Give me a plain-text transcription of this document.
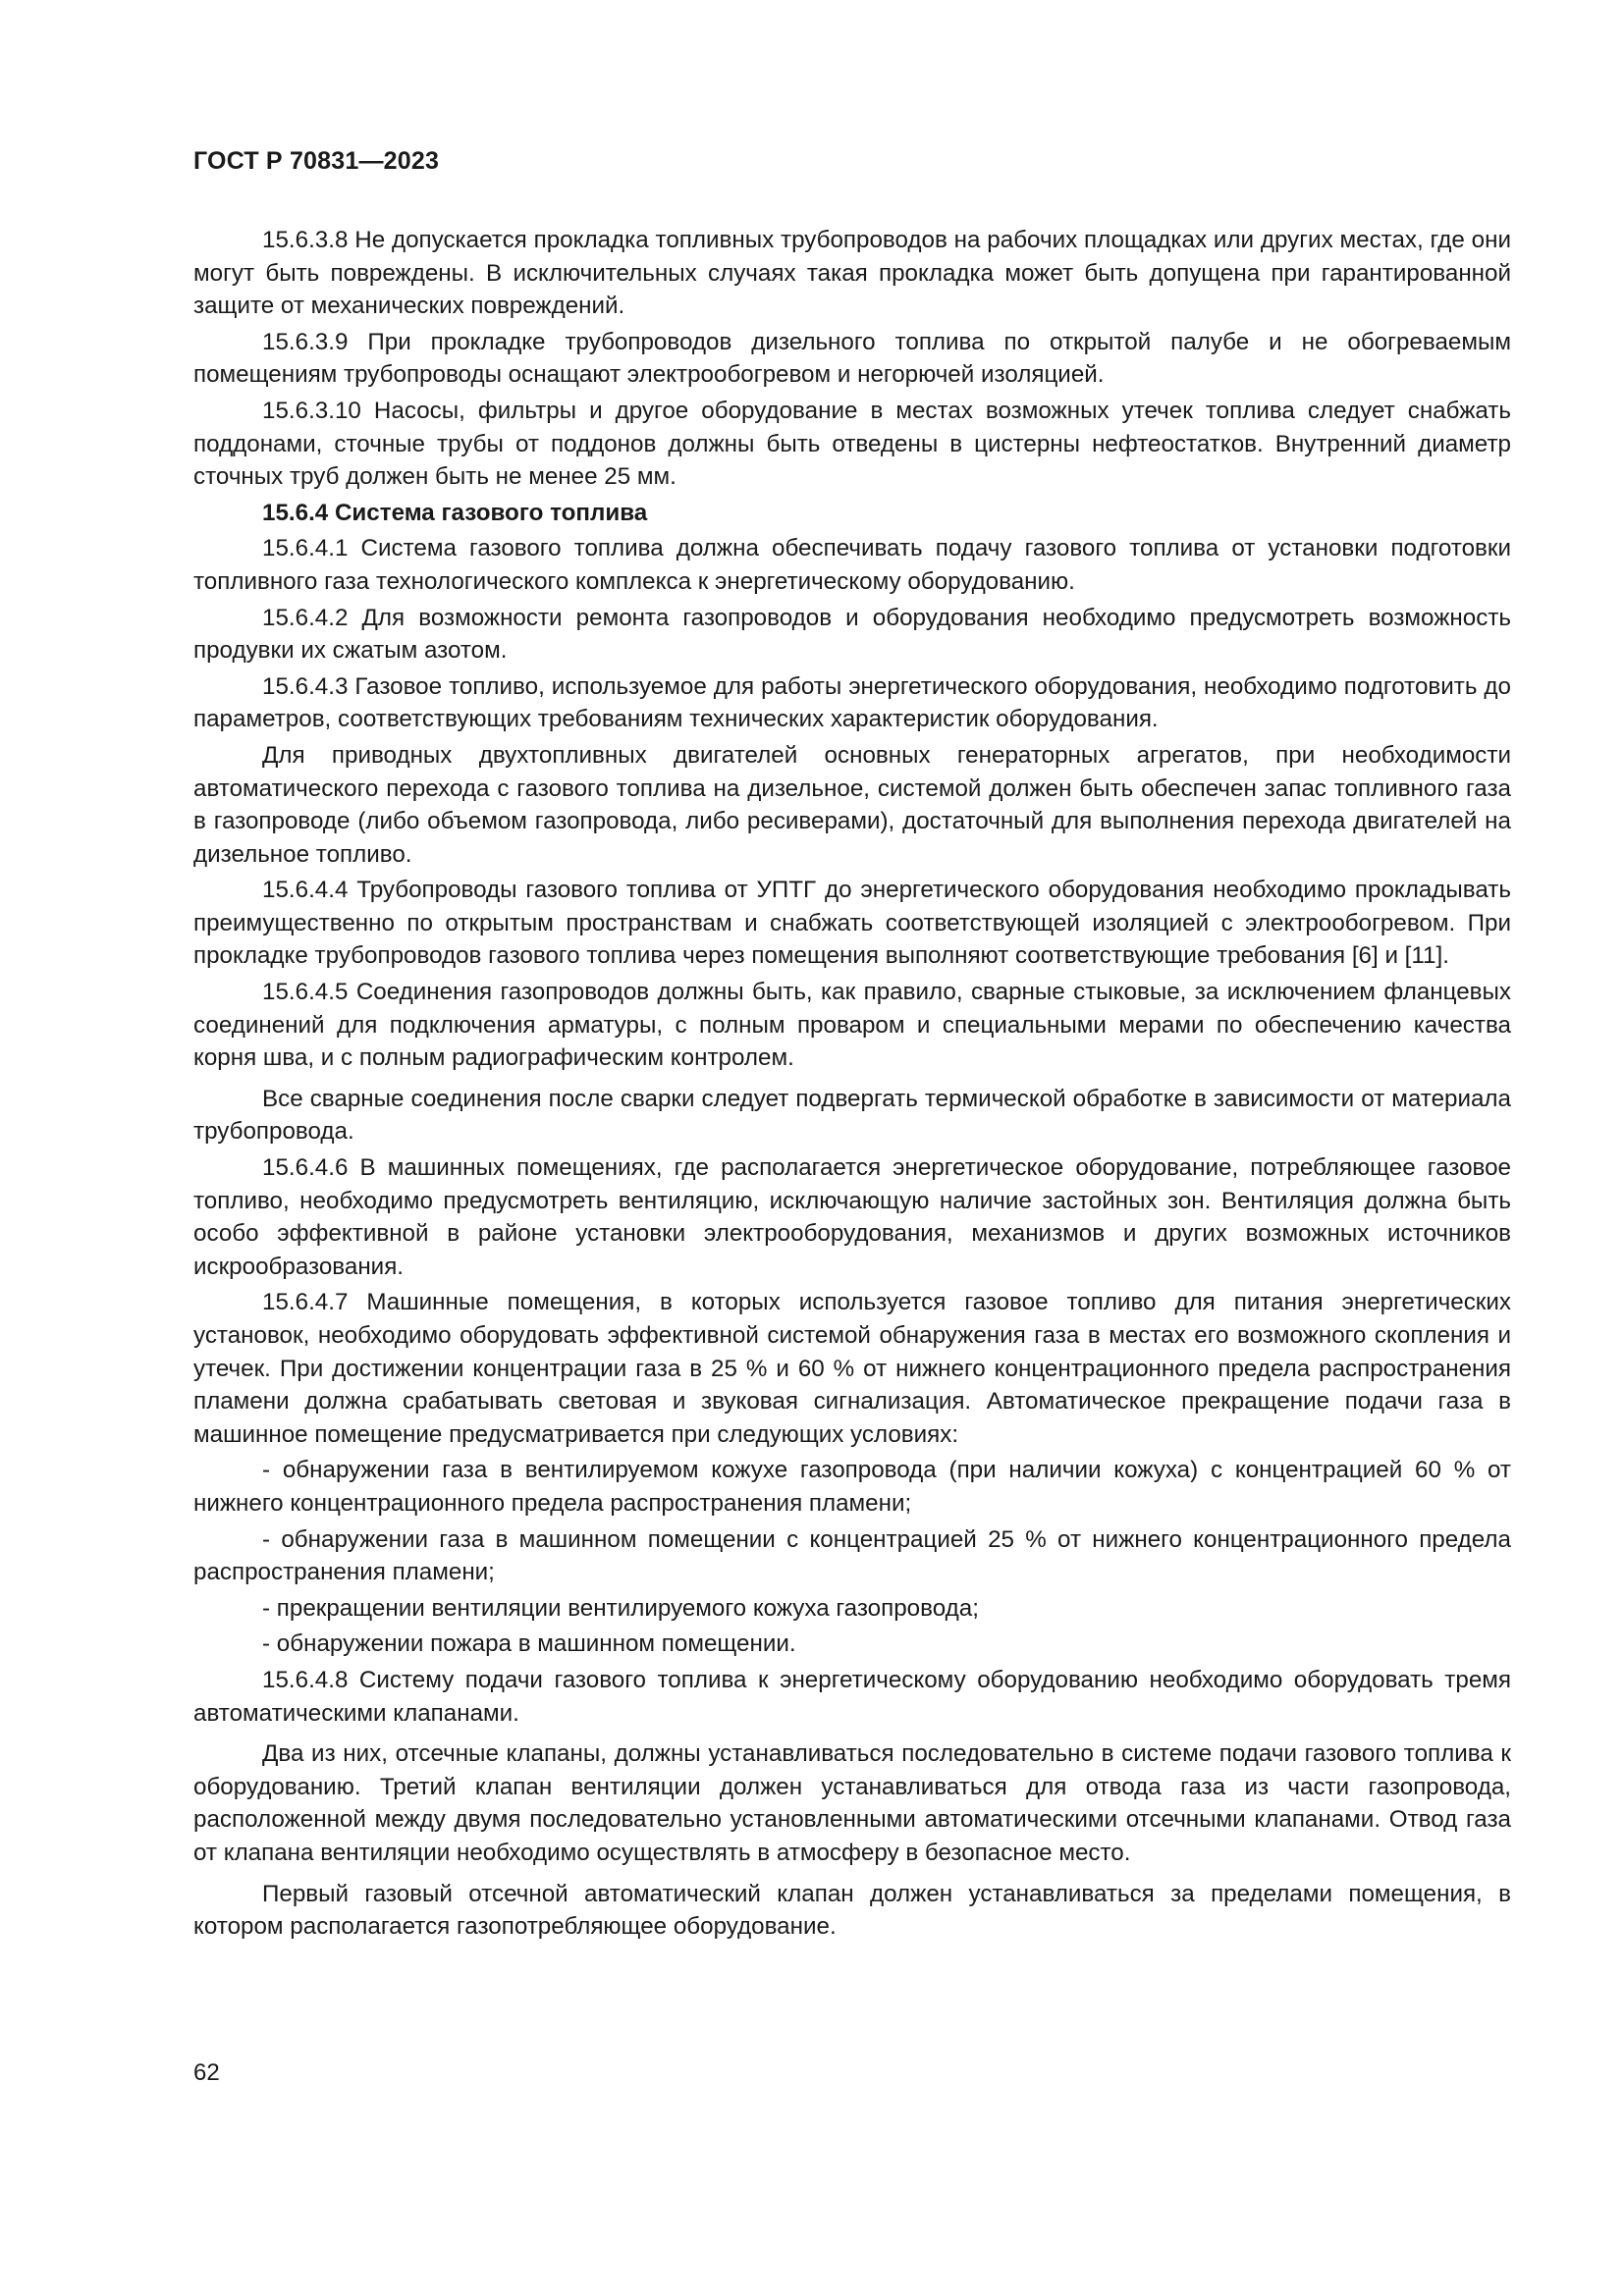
ГОСТ Р 70831—2023

15.6.3.8 Не допускается прокладка топливных трубопроводов на рабочих площадках или других местах, где они могут быть повреждены. В исключительных случаях такая прокладка может быть допущена при гарантированной защите от механических повреждений.

15.6.3.9 При прокладке трубопроводов дизельного топлива по открытой палубе и не обогреваемым помещениям трубопроводы оснащают электрообогревом и негорючей изоляцией.

15.6.3.10 Насосы, фильтры и другое оборудование в местах возможных утечек топлива следует снабжать поддонами, сточные трубы от поддонов должны быть отведены в цистерны нефтеостатков. Внутренний диаметр сточных труб должен быть не менее 25 мм.

15.6.4 Система газового топлива

15.6.4.1 Система газового топлива должна обеспечивать подачу газового топлива от установки подготовки топливного газа технологического комплекса к энергетическому оборудованию.

15.6.4.2 Для возможности ремонта газопроводов и оборудования необходимо предусмотреть возможность продувки их сжатым азотом.

15.6.4.3 Газовое топливо, используемое для работы энергетического оборудования, необходимо подготовить до параметров, соответствующих требованиям технических характеристик оборудования.

Для приводных двухтопливных двигателей основных генераторных агрегатов, при необходимости автоматического перехода с газового топлива на дизельное, системой должен быть обеспечен запас топливного газа в газопроводе (либо объемом газопровода, либо ресиверами), достаточный для выполнения перехода двигателей на дизельное топливо.

15.6.4.4 Трубопроводы газового топлива от УПТГ до энергетического оборудования необходимо прокладывать преимущественно по открытым пространствам и снабжать соответствующей изоляцией с электрообогревом. При прокладке трубопроводов газового топлива через помещения выполняют соответствующие требования [6] и [11].

15.6.4.5 Соединения газопроводов должны быть, как правило, сварные стыковые, за исключением фланцевых соединений для подключения арматуры, с полным проваром и специальными мерами по обеспечению качества корня шва, и с полным радиографическим контролем.

Все сварные соединения после сварки следует подвергать термической обработке в зависимости от материала трубопровода.

15.6.4.6 В машинных помещениях, где располагается энергетическое оборудование, потребляющее газовое топливо, необходимо предусмотреть вентиляцию, исключающую наличие застойных зон. Вентиляция должна быть особо эффективной в районе установки электрооборудования, механизмов и других возможных источников искрообразования.

15.6.4.7 Машинные помещения, в которых используется газовое топливо для питания энергетических установок, необходимо оборудовать эффективной системой обнаружения газа в местах его возможного скопления и утечек. При достижении концентрации газа в 25 % и 60 % от нижнего концентрационного предела распространения пламени должна срабатывать световая и звуковая сигнализация. Автоматическое прекращение подачи газа в машинное помещение предусматривается при следующих условиях:

- обнаружении газа в вентилируемом кожухе газопровода (при наличии кожуха) с концентрацией 60 % от нижнего концентрационного предела распространения пламени;

- обнаружении газа в машинном помещении с концентрацией 25 % от нижнего концентрационного предела распространения пламени;

- прекращении вентиляции вентилируемого кожуха газопровода;

- обнаружении пожара в машинном помещении.

15.6.4.8 Систему подачи газового топлива к энергетическому оборудованию необходимо оборудовать тремя автоматическими клапанами.

Два из них, отсечные клапаны, должны устанавливаться последовательно в системе подачи газового топлива к оборудованию. Третий клапан вентиляции должен устанавливаться для отвода газа из части газопровода, расположенной между двумя последовательно установленными автоматическими отсечными клапанами. Отвод газа от клапана вентиляции необходимо осуществлять в атмосферу в безопасное место.

Первый газовый отсечной автоматический клапан должен устанавливаться за пределами помещения, в котором располагается газопотребляющее оборудование.

62
